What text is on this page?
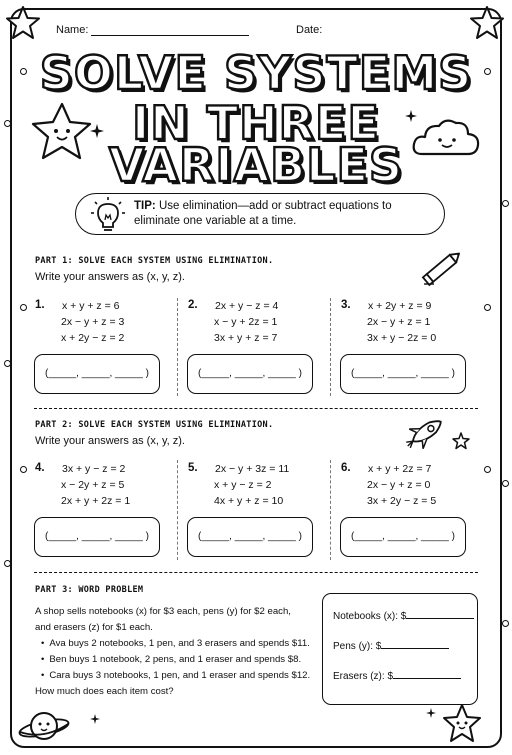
Name:	Date:
SOLVE SYSTEMS
IN THREE
VARIABLES
TIP: Use elimination—add or subtract equations to
eliminate one variable at a time.
PART 1: SOLVE EACH SYSTEM USING ELIMINATION.
Write your answers as (x, y, z).
1. x + y + z = 6
2x − y + z = 3
x + 2y − z = 2
(_____, _____, _____ )
2. 2x + y − z = 4
x − y + 2z = 1
3x + y + z = 7
(_____, _____, _____ )
3. x + 2y + z = 9
2x − y + z = 1
3x + y − 2z = 0
(_____, _____, _____ )
PART 2: SOLVE EACH SYSTEM USING ELIMINATION.
Write your answers as (x, y, z).
4. 3x + y − z = 2
x − 2y + z = 5
2x + y + 2z = 1
(_____, _____, _____ )
5. 2x − y + 3z = 11
x + y − z = 2
4x + y + z = 10
(_____, _____, _____ )
6. x + y + 2z = 7
2x − y + z = 0
3x + 2y − z = 5
(_____, _____, _____ )
PART 3: WORD PROBLEM
A shop sells notebooks (x) for $3 each, pens (y) for $2 each,
and erasers (z) for $1 each.
• Ava buys 2 notebooks, 1 pen, and 3 erasers and spends $11.
• Ben buys 1 notebook, 2 pens, and 1 eraser and spends $8.
• Cara buys 3 notebooks, 1 pen, and 1 eraser and spends $12.
How much does each item cost?
Notebooks (x): $
Pens (y): $
Erasers (z): $
